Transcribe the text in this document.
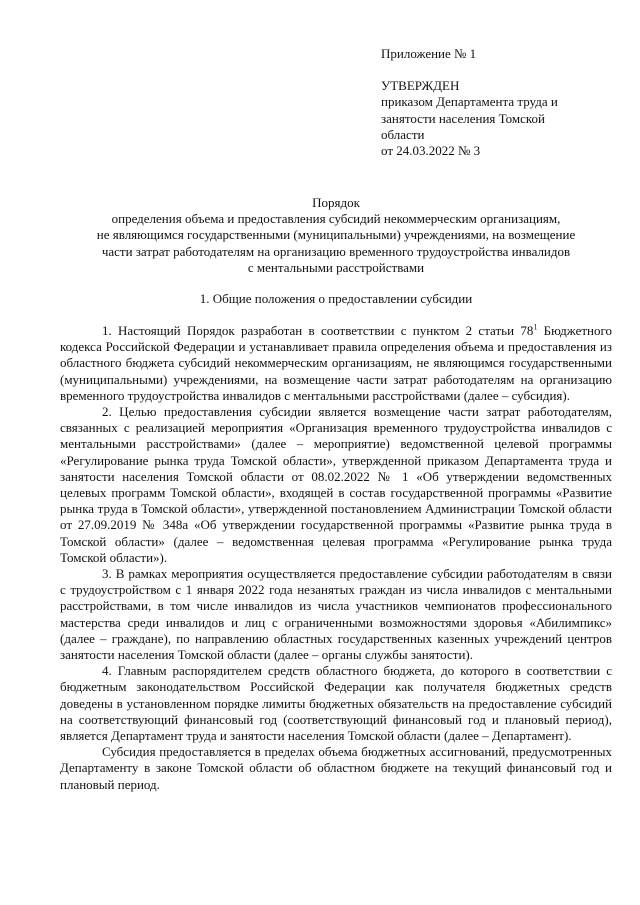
Приложение № 1
УТВЕРЖДЕН
приказом Департамента труда и
занятости населения Томской
области
от 24.03.2022 № 3
Порядок
определения объема и предоставления субсидий некоммерческим организациям,
не являющимся государственными (муниципальными) учреждениями, на возмещение
части затрат работодателям на организацию временного трудоустройства инвалидов
с ментальными расстройствами
1. Общие положения о предоставлении субсидии

1. Настоящий Порядок разработан в соответствии с пунктом 2 статьи $78^1$ Бюджетного кодекса Российской Федерации и устанавливает правила определения объема и предоставления из областного бюджета субсидий некоммерческим организациям, не являющимся государственными (муниципальными) учреждениями, на возмещение части затрат работодателям на организацию временного трудоустройства инвалидов с ментальными расстройствами (далее – субсидия).

2. Целью предоставления субсидии является возмещение части затрат работодателям, связанных с реализацией мероприятия «Организация временного трудоустройства инвалидов с ментальными расстройствами» (далее – мероприятие) ведомственной целевой программы «Регулирование рынка труда Томской области», утвержденной приказом Департамента труда и занятости населения Томской области от 08.02.2022 № 1 «Об утверждении ведомственных целевых программ Томской области», входящей в состав государственной программы «Развитие рынка труда в Томской области», утвержденной постановлением Администрации Томской области от 27.09.2019 № 348а «Об утверждении государственной программы «Развитие рынка труда в Томской области» (далее – ведомственная целевая программа «Регулирование рынка труда Томской области»).

3. В рамках мероприятия осуществляется предоставление субсидии работодателям в связи с трудоустройством с 1 января 2022 года незанятых граждан из числа инвалидов с ментальными расстройствами, в том числе инвалидов из числа участников чемпионатов профессионального мастерства среди инвалидов и лиц с ограниченными возможностями здоровья «Абилимпикс» (далее – граждане), по направлению областных государственных казенных учреждений центров занятости населения Томской области (далее – органы службы занятости).

4. Главным распорядителем средств областного бюджета, до которого в соответствии с бюджетным законодательством Российской Федерации как получателя бюджетных средств доведены в установленном порядке лимиты бюджетных обязательств на предоставление субсидий на соответствующий финансовый год (соответствующий финансовый год и плановый период), является Департамент труда и занятости населения Томской области (далее – Департамент).

Субсидия предоставляется в пределах объема бюджетных ассигнований, предусмотренных Департаменту в законе Томской области об областном бюджете на текущий финансовый год и плановый период.
